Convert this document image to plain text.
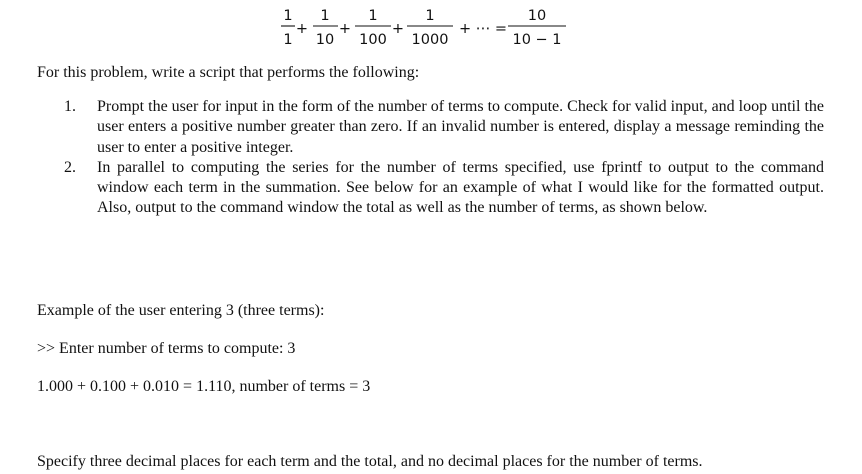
1
1
+
1
10
+
1
100
+
1
1000
+ ⋯ =
10
10 − 1
For this problem, write a script that performs the following:
1. Prompt the user for input in the form of the number of terms to compute. Check for valid input, and loop until the user enters a positive number greater than zero. If an invalid number is entered, display a message reminding the user to enter a positive integer.
2. In parallel to computing the series for the number of terms specified, use fprintf to output to the command window each term in the summation. See below for an example of what I would like for the formatted output. Also, output to the command window the total as well as the number of terms, as shown below.
Example of the user entering 3 (three terms):
>> Enter number of terms to compute: 3
1.000 + 0.100 + 0.010 = 1.110, number of terms = 3
Specify three decimal places for each term and the total, and no decimal places for the number of terms.
